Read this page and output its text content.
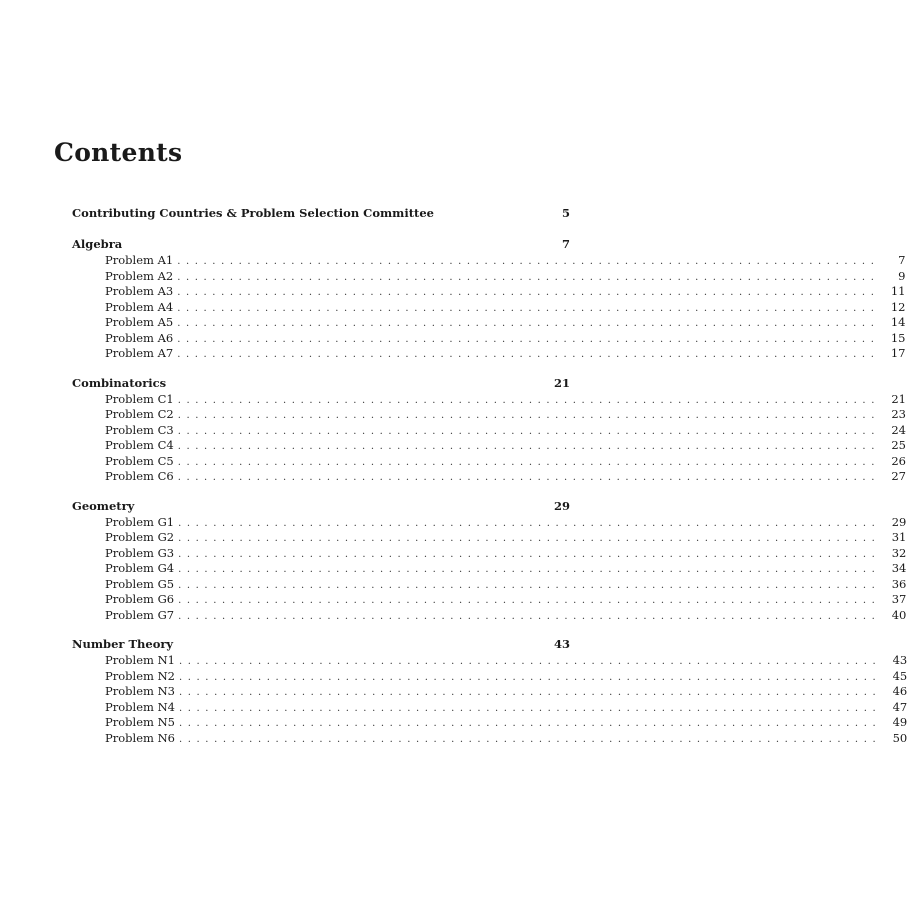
Contents
Contributing Countries & Problem Selection Committee	5
Algebra	7
Problem A1 ................................................................................	7
Problem A2 ................................................................................	9
Problem A3 ................................................................................ 11
Problem A4 ................................................................................ 12
Problem A5 ................................................................................ 14
Problem A6 ................................................................................ 15
Problem A7 ................................................................................ 17
Combinatorics	21
Problem C1 ................................................................................ 21
Problem C2 ................................................................................ 23
Problem C3 ................................................................................ 24
Problem C4 ................................................................................ 25
Problem C5 ................................................................................ 26
Problem C6 ................................................................................ 27
Geometry	29
Problem G1 ................................................................................ 29
Problem G2 ................................................................................ 31
Problem G3 ................................................................................ 32
Problem G4 ................................................................................ 34
Problem G5 ................................................................................ 36
Problem G6 ................................................................................ 37
Problem G7 ................................................................................ 40
Number Theory	43
Problem N1 ................................................................................ 43
Problem N2 ................................................................................ 45
Problem N3 ................................................................................ 46
Problem N4 ................................................................................ 47
Problem N5 ................................................................................ 49
Problem N6 ................................................................................ 50
